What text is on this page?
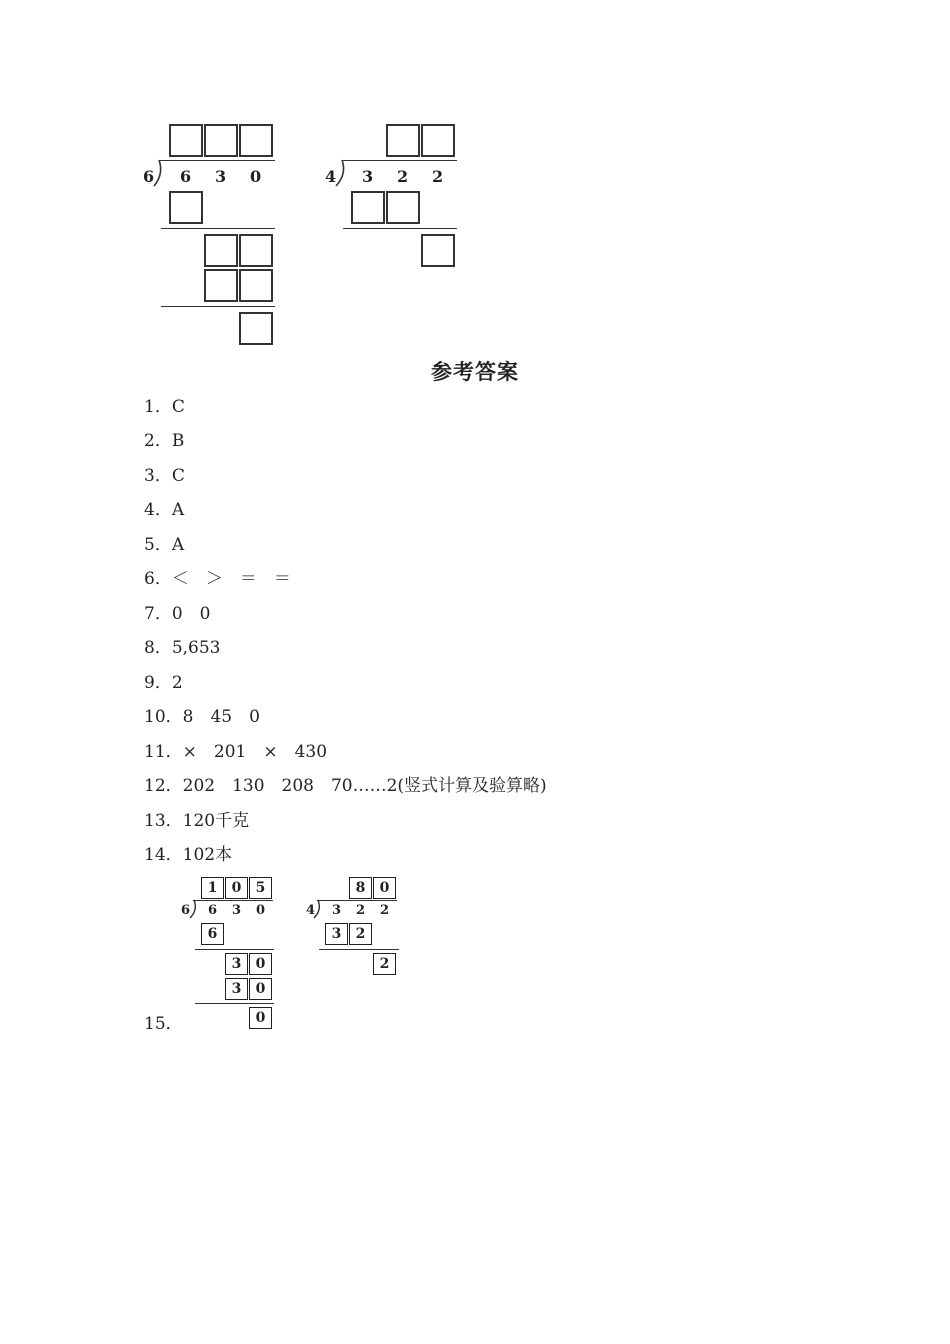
6 6 3 0	4 3 2 2
参考答案
1．C
2．B
3．C
4．A
5．A
6．＜　＞　＝　＝
7．0　0
8．5,653
9．2
10．8　45　0
11．×　201　×　430
12．202　130　208　70……2(竖式计算及验算略)
13．120千克
14．102本
15．
1	0	5
6 6 3 0
6
3	0
3	0
0
8	0
4 3 2 2
3	2
2
